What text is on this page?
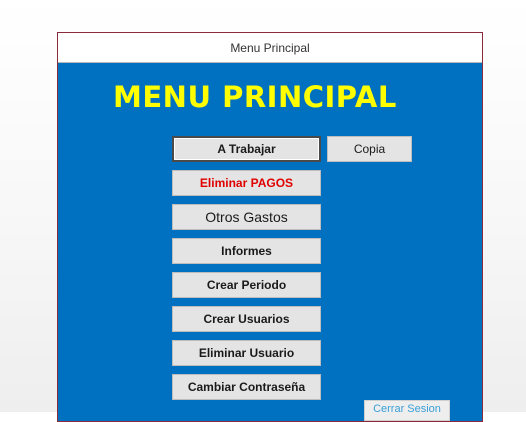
Menu Principal
MENU PRINCIPAL
A Trabajar	Copia
Eliminar PAGOS
Otros Gastos
Informes
Crear Periodo
Crear Usuarios
Eliminar Usuario
Cambiar Contraseña
Cerrar Sesion
